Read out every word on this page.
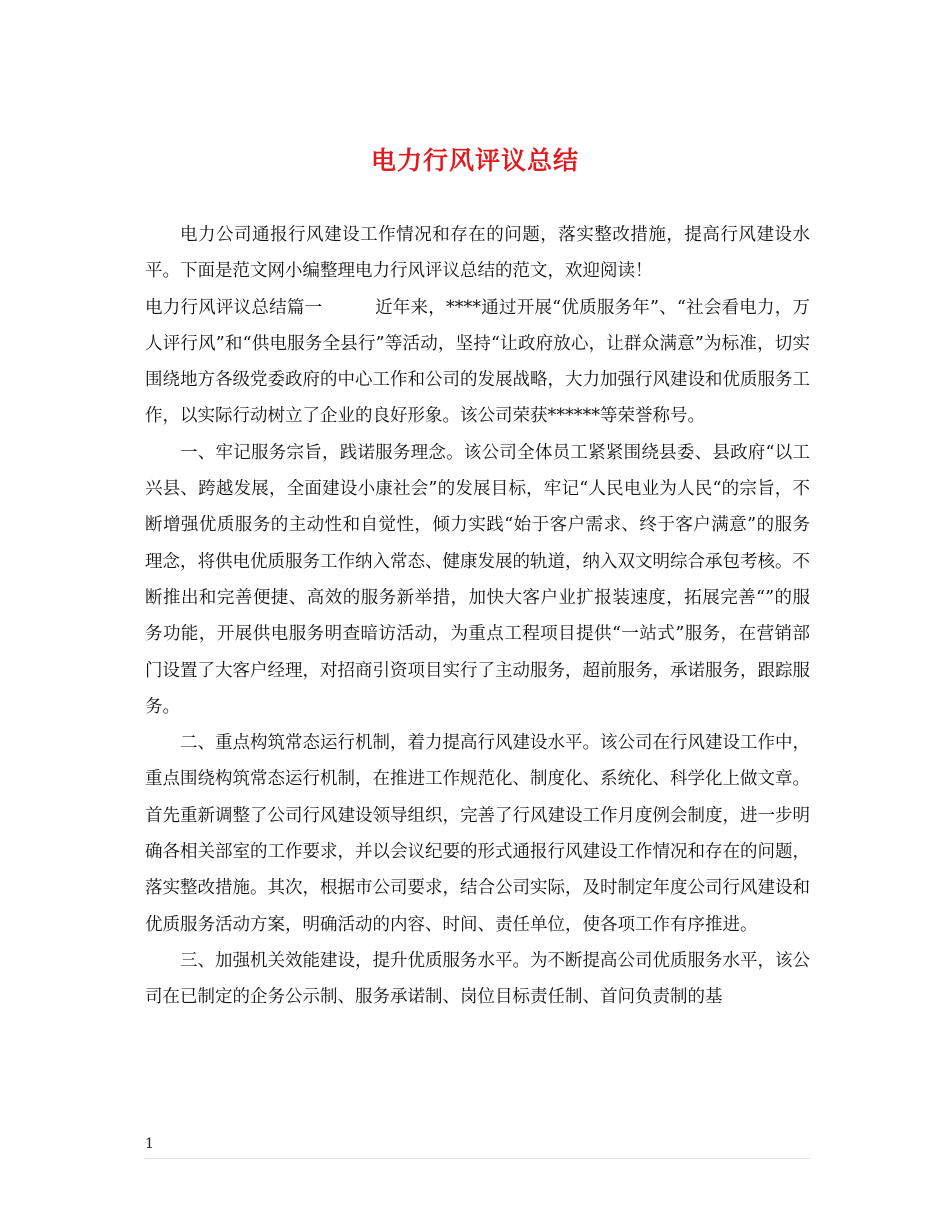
电力行风评议总结

电力公司通报行风建设工作情况和存在的问题，落实整改措施，提高行风建设水平。下面是范文网小编整理电力行风评议总结的范文，欢迎阅读！

电力行风评议总结篇一	近年来，****通过开展“优质服务年”、“社会看电力，万人评行风”和“供电服务全县行”等活动，坚持“让政府放心，让群众满意”为标准，切实围绕地方各级党委政府的中心工作和公司的发展战略，大力加强行风建设和优质服务工作，以实际行动树立了企业的良好形象。该公司荣获******等荣誉称号。

一、牢记服务宗旨，践诺服务理念。该公司全体员工紧紧围绕县委、县政府“以工兴县、跨越发展，全面建设小康社会”的发展目标，牢记“人民电业为人民“的宗旨，不断增强优质服务的主动性和自觉性，倾力实践“始于客户需求、终于客户满意”的服务理念，将供电优质服务工作纳入常态、健康发展的轨道，纳入双文明综合承包考核。不断推出和完善便捷、高效的服务新举措，加快大客户业扩报装速度，拓展完善“”的服务功能，开展供电服务明查暗访活动，为重点工程项目提供“一站式”服务，在营销部门设置了大客户经理，对招商引资项目实行了主动服务，超前服务，承诺服务，跟踪服务。

二、重点构筑常态运行机制，着力提高行风建设水平。该公司在行风建设工作中，重点围绕构筑常态运行机制，在推进工作规范化、制度化、系统化、科学化上做文章。首先重新调整了公司行风建设领导组织，完善了行风建设工作月度例会制度，进一步明确各相关部室的工作要求，并以会议纪要的形式通报行风建设工作情况和存在的问题，落实整改措施。其次，根据市公司要求，结合公司实际，及时制定年度公司行风建设和优质服务活动方案，明确活动的内容、时间、责任单位，使各项工作有序推进。

三、加强机关效能建设，提升优质服务水平。为不断提高公司优质服务水平，该公司在已制定的企务公示制、服务承诺制、岗位目标责任制、首问负责制的基

1
